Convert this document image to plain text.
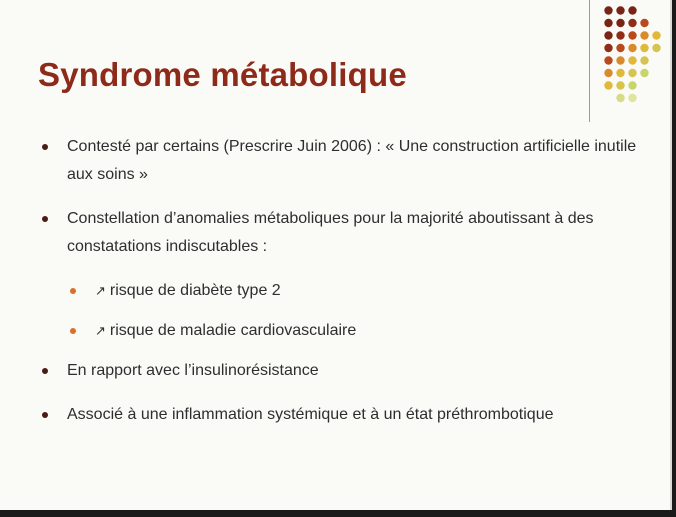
Syndrome métabolique
Contesté par certains (Prescrire Juin 2006) : « Une construction artificielle inutile aux soins »
Constellation d’anomalies métaboliques pour la majorité aboutissant à des constatations indiscutables :
↗ risque de diabète type 2
↗ risque de maladie cardiovasculaire
En rapport avec l’insulinorésistance
Associé à une inflammation systémique et à un état préthrombotique
